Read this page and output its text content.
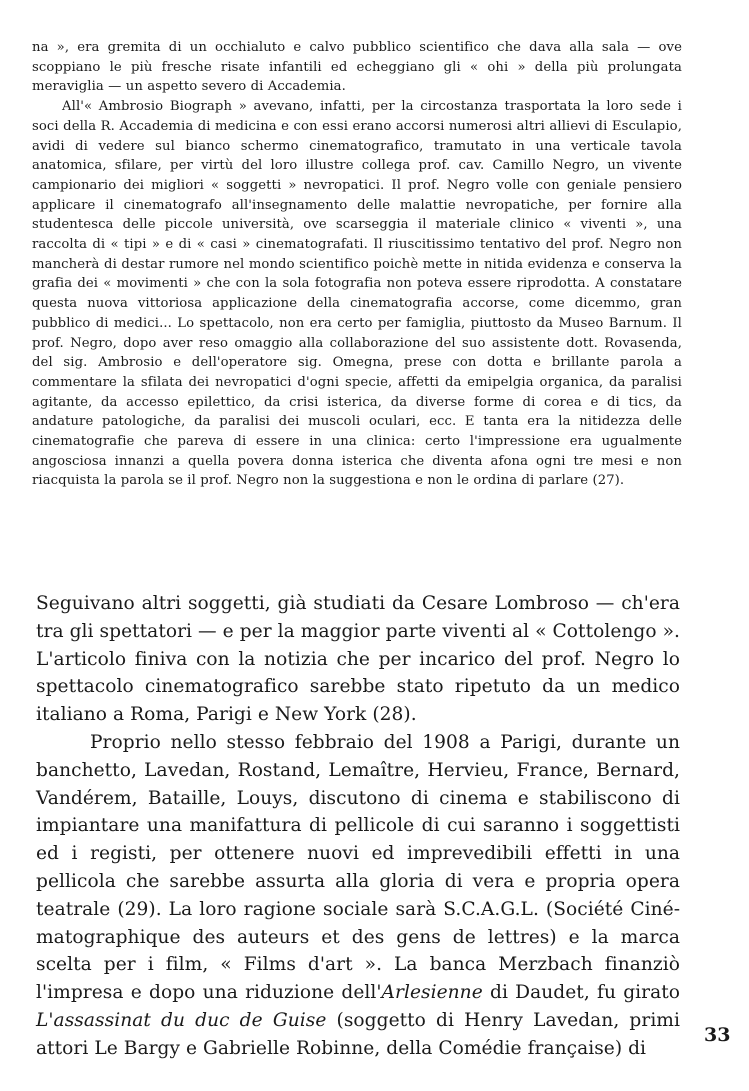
na », era gremita di un occhialuto e calvo pubblico scientifico che dava alla sala — ove scoppiano le più fresche risate infantili ed echeggiano gli « ohi » della più prolungata meraviglia — un aspetto severo di Accademia.

All'« Ambrosio Biograph » avevano, infatti, per la circostanza trasportata la loro sede i soci della R. Accademia di medicina e con essi erano accorsi numerosi altri allievi di Esculapio, avidi di vedere sul bianco schermo cinematografico, tramutato in una verticale tavola anatomica, sfilare, per virtù del loro illustre collega prof. cav. Camillo Negro, un vivente campionario dei migliori « soggetti » nevropatici. Il prof. Negro volle con geniale pensiero applicare il cinematografo all'insegnamento delle malattie nevropatiche, per fornire alla studentesca delle piccole università, ove scarseggia il materiale clinico « viventi », una raccolta di « tipi » e di « casi » cinematografati. Il riuscitissimo tentativo del prof. Negro non mancherà di destar rumore nel mondo scientifico poichè mette in nitida evidenza e conserva la grafia dei « movimenti » che con la sola fotografia non poteva essere riprodotta. A constatare questa nuova vittoriosa applicazione della cinematografia accorse, come dicemmo, gran pubblico di medici... Lo spettacolo, non era certo per famiglia, piuttosto da Museo Barnum. Il prof. Negro, dopo aver reso omaggio alla collaborazione del suo assistente dott. Rovasenda, del sig. Ambrosio e dell'operatore sig. Omegna, prese con dotta e brillante parola a commentare la sfilata dei nevropatici d'ogni specie, affetti da emipelgia organica, da paralisi agitante, da accesso epilettico, da crisi isterica, da diverse forme di corea e di tics, da andature patologiche, da paralisi dei muscoli oculari, ecc. E tanta era la nitidezza delle cinematografie che pareva di essere in una clinica: certo l'impressione era ugualmente angosciosa innanzi a quella povera donna isterica che diventa afona ogni tre mesi e non riacquista la parola se il prof. Negro non la suggestiona e non le ordina di parlare (27).

Seguivano altri soggetti, già studiati da Cesare Lombroso — ch'era tra gli spettatori — e per la maggior parte viventi al « Cottolengo ». L'articolo finiva con la notizia che per incarico del prof. Negro lo spettacolo cinematografico sarebbe stato ripetuto da un medico italiano a Roma, Parigi e New York (28).

Proprio nello stesso febbraio del 1908 a Parigi, durante un banchetto, Lavedan, Rostand, Lemaître, Hervieu, France, Bernard, Vandérem, Bataille, Louys, discutono di cinema e stabiliscono di impiantare una manifattura di pellicole di cui saranno i soggettisti ed i registi, per ottenere nuovi ed imprevedibili effetti in una pellicola che sarebbe assurta alla gloria di vera e propria opera teatrale (29). La loro ragione sociale sarà S.C.A.G.L. (Société Cinématographique des auteurs et des gens de lettres) e la marca scelta per i film, « Films d'art ». La banca Merzbach finanziò l'impresa e dopo una riduzione dell'Arlesienne di Daudet, fu girato L'assassinat du duc de Guise (soggetto di Henry Lavedan, primi attori Le Bargy e Gabrielle Robinne, della Comédie française) di

33
